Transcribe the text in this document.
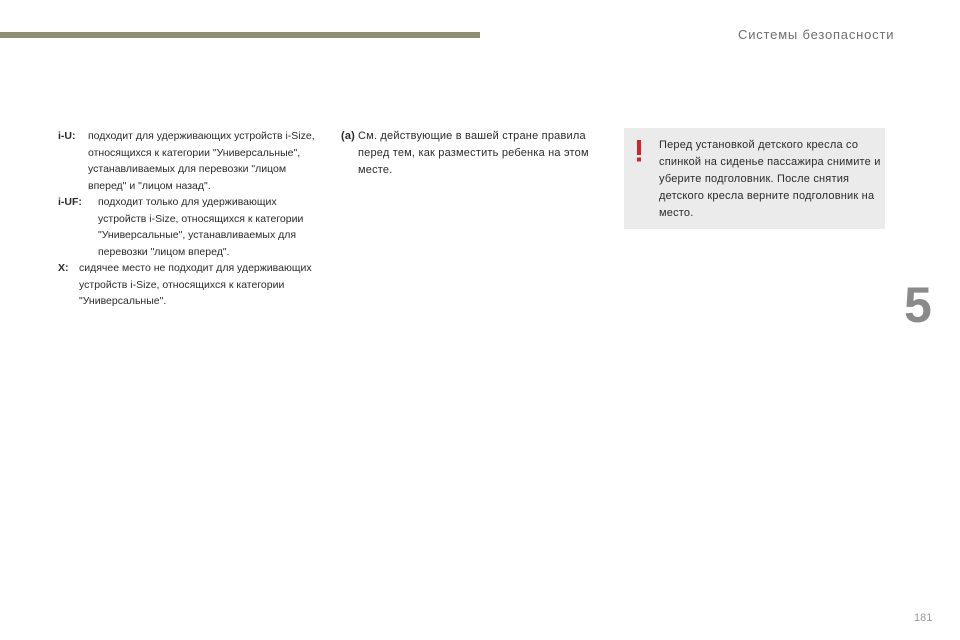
Системы безопасности
5
i-U:	подходит для удерживающих устройств i-Size, относящихся к категории "Универсальные", устанавливаемых для перевозки "лицом вперед" и "лицом назад".
i-UF:	подходит только для удерживающих устройств i-Size, относящихся к категории "Универсальные", устанавливаемых для перевозки "лицом вперед".
X:	сидячее место не подходит для удерживающих устройств i-Size, относящихся к категории "Универсальные".
(a) См. действующие в вашей стране правила перед тем, как разместить ребенка на этом месте.
Перед установкой детского кресла со спинкой на сиденье пассажира снимите и уберите подголовник. После снятия детского кресла верните подголовник на место.
181
